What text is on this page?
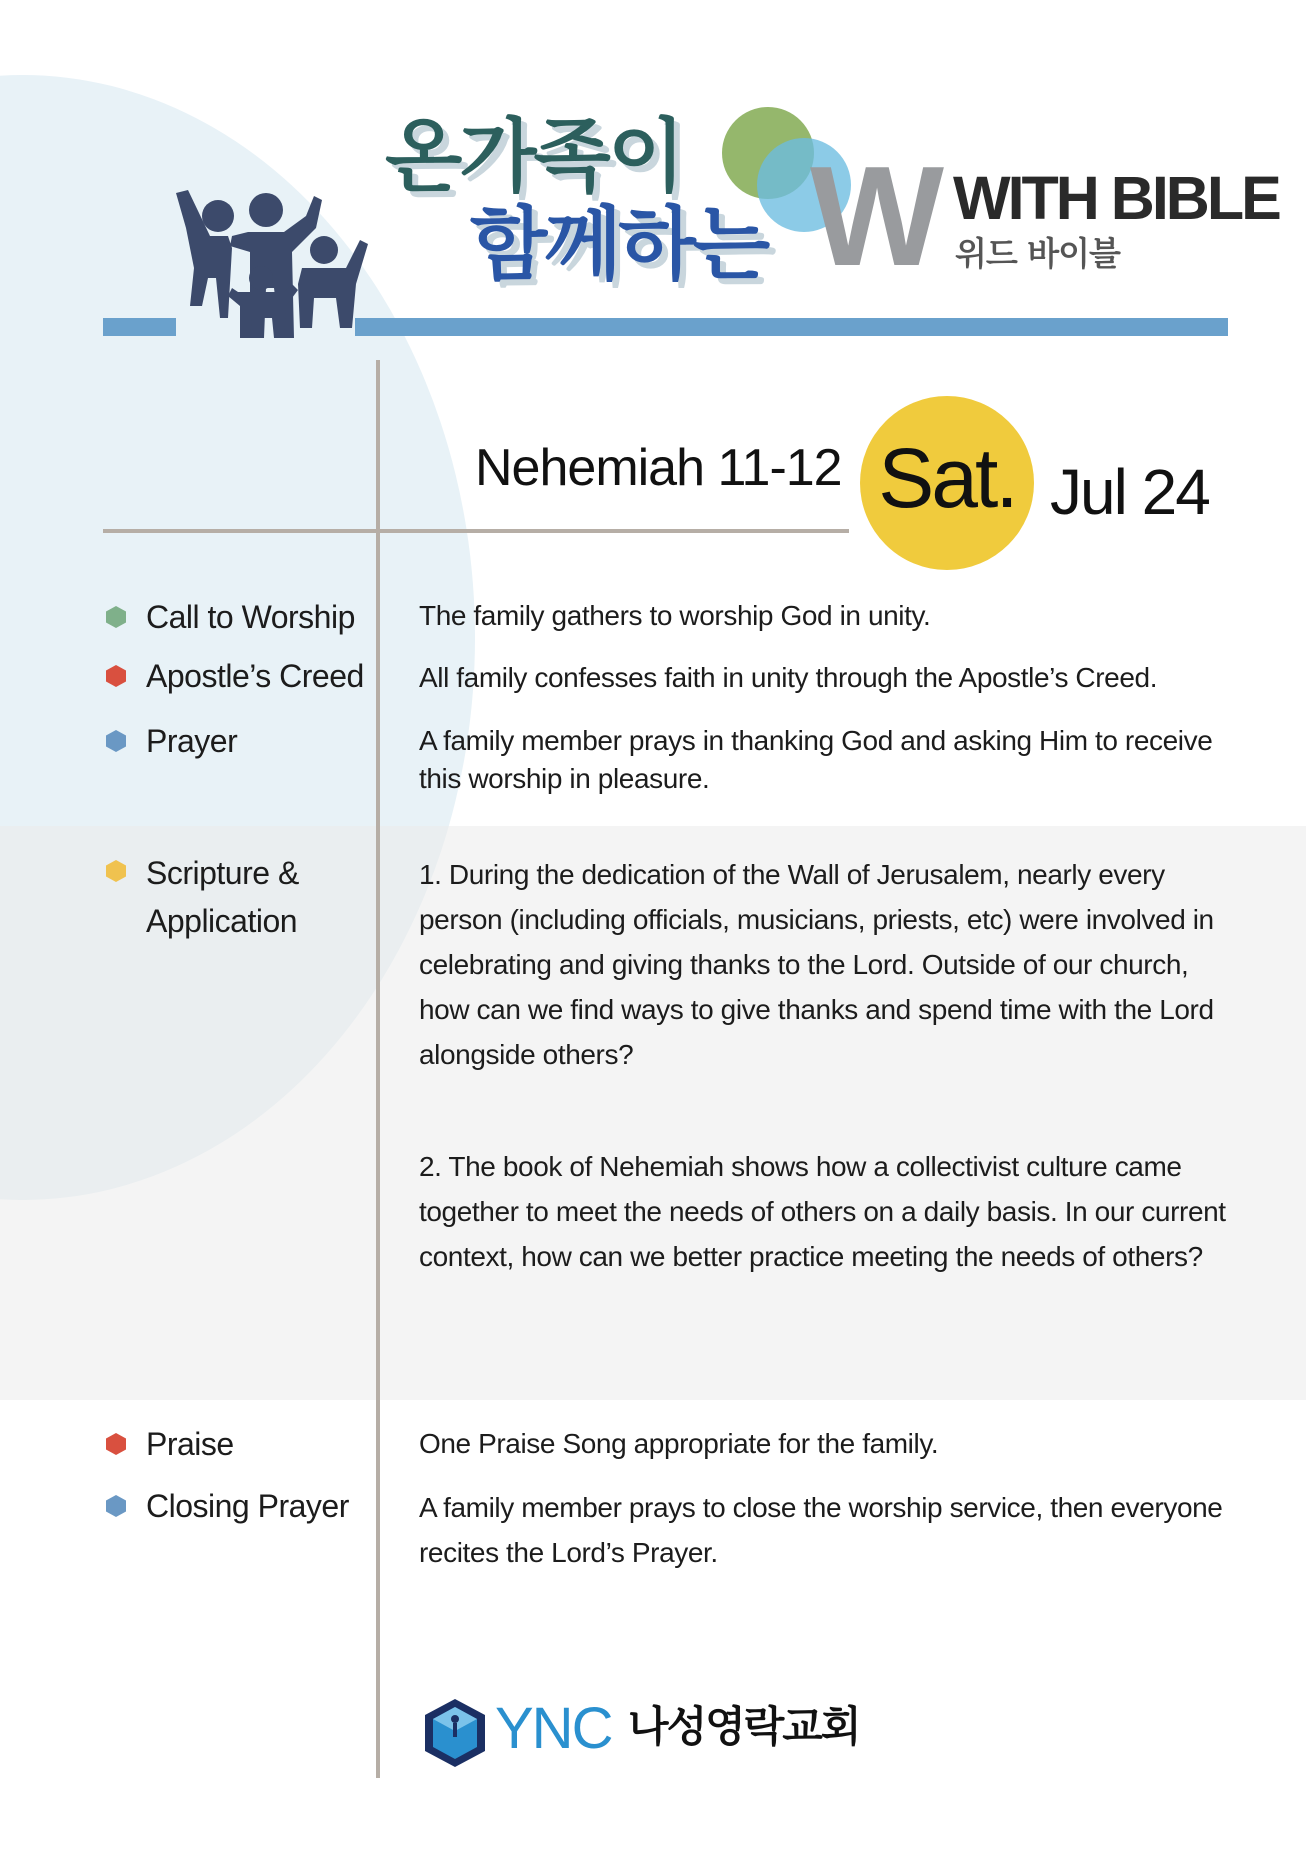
온가족이
함께하는 W WITH BIBLE
위드 바이블
Nehemiah 11-12 Sat. Jul 24
Call to Worship
Apostle’s Creed
Prayer
Scripture &
Application
Praise
Closing Prayer
The family gathers to worship God in unity.
All family confesses faith in unity through the Apostle’s Creed.
A family member prays in thanking God and asking Him to receive this worship in pleasure.
1. During the dedication of the Wall of Jerusalem, nearly every person (including officials, musicians, priests, etc) were involved in celebrating and giving thanks to the Lord. Outside of our church, how can we find ways to give thanks and spend time with the Lord alongside others?
2. The book of Nehemiah shows how a collectivist culture came together to meet the needs of others on a daily basis. In our current context, how can we better practice meeting the needs of others?
One Praise Song appropriate for the family.
A family member prays to close the worship service, then everyone recites the Lord’s Prayer.
YNC 나성영락교회
